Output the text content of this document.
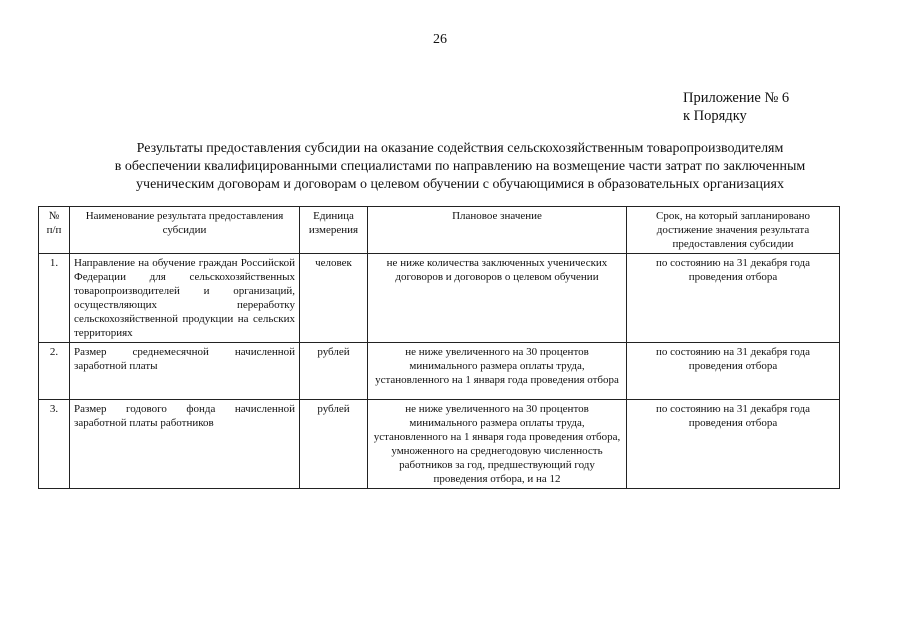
26
Приложение № 6
к Порядку
Результаты предоставления субсидии на оказание содействия сельскохозяйственным товаропроизводителям
в обеспечении квалифицированными специалистами по направлению на возмещение части затрат по заключенным
ученическим договорам и договорам о целевом обучении с обучающимися в образовательных организациях
№ п/п	Наименование результата предоставления субсидии	Единица измерения	Плановое значение	Срок, на который запланировано достижение значения результата предоставления субсидии
1.	Направление на обучение граждан Российской Федерации для сельскохозяйственных товаропроизводителей и организаций, осуществляющих переработку сельскохозяйственной продукции на сельских территориях	человек	не ниже количества заключенных ученических договоров и договоров о целевом обучении	по состоянию на 31 декабря года проведения отбора
2.	Размер среднемесячной начисленной заработной платы	рублей	не ниже увеличенного на 30 процентов минимального размера оплаты труда, установленного на 1 января года проведения отбора	по состоянию на 31 декабря года проведения отбора
3.	Размер годового фонда начисленной заработной платы работников	рублей	не ниже увеличенного на 30 процентов минимального размера оплаты труда, установленного на 1 января года проведения отбора, умноженного на среднегодовую численность работников за год, предшествующий году проведения отбора, и на 12	по состоянию на 31 декабря года проведения отбора
